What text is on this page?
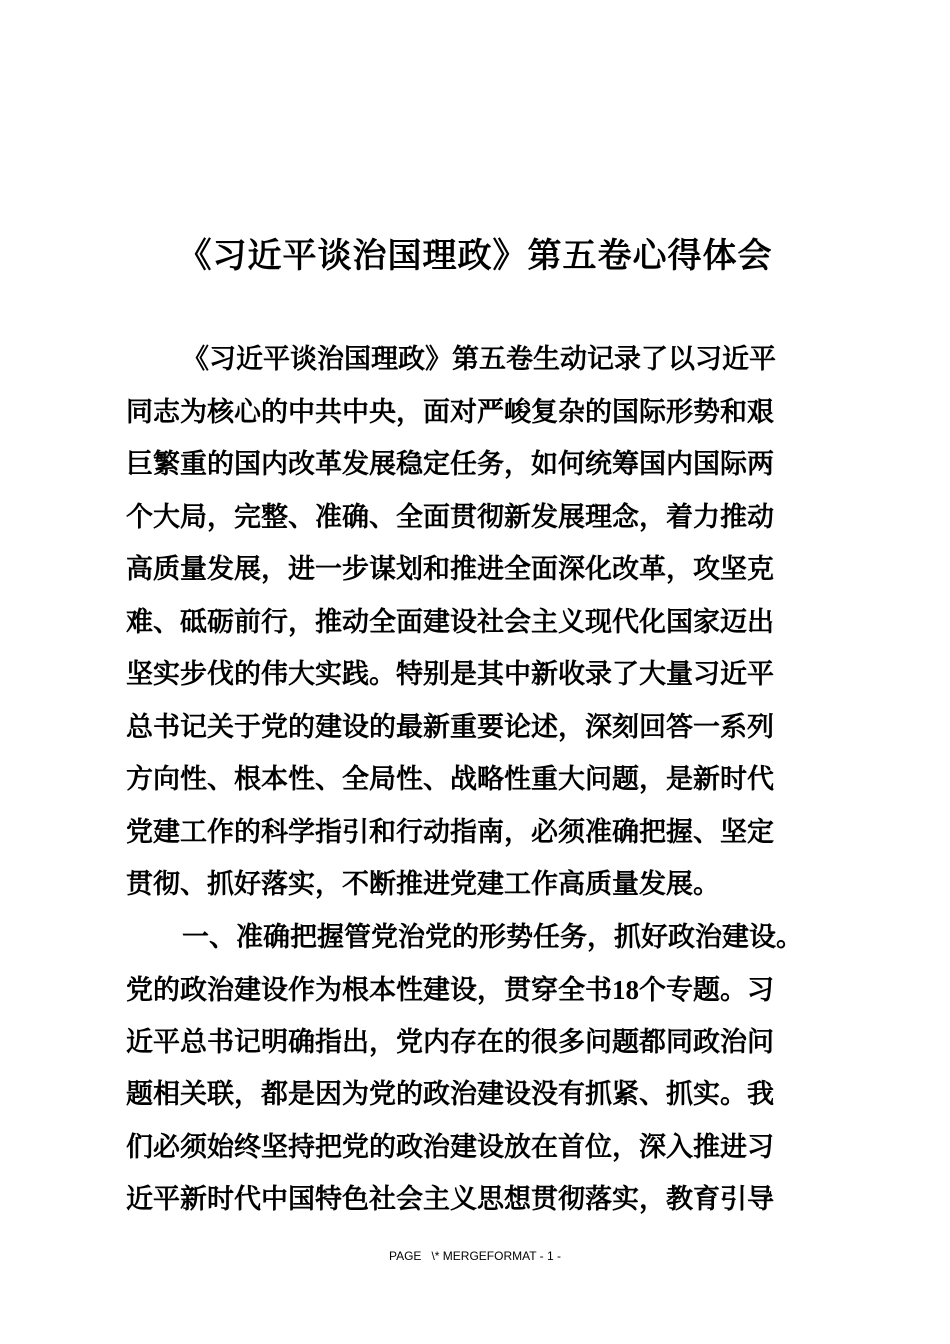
《习近平谈治国理政》第五卷心得体会
《习近平谈治国理政》第五卷生动记录了以习近平
同志为核心的中共中央，面对严峻复杂的国际形势和艰
巨繁重的国内改革发展稳定任务，如何统筹国内国际两
个大局，完整、准确、全面贯彻新发展理念，着力推动
高质量发展，进一步谋划和推进全面深化改革，攻坚克
难、砥砺前行，推动全面建设社会主义现代化国家迈出
坚实步伐的伟大实践。特别是其中新收录了大量习近平
总书记关于党的建设的最新重要论述，深刻回答一系列
方向性、根本性、全局性、战略性重大问题，是新时代
党建工作的科学指引和行动指南，必须准确把握、坚定
贯彻、抓好落实，不断推进党建工作高质量发展。
一、准确把握管党治党的形势任务，抓好政治建设。
党的政治建设作为根本性建设，贯穿全书18个专题。习
近平总书记明确指出，党内存在的很多问题都同政治问
题相关联，都是因为党的政治建设没有抓紧、抓实。我
们必须始终坚持把党的政治建设放在首位，深入推进习
近平新时代中国特色社会主义思想贯彻落实，教育引导
PAGE   \* MERGEFORMAT - 1 -
